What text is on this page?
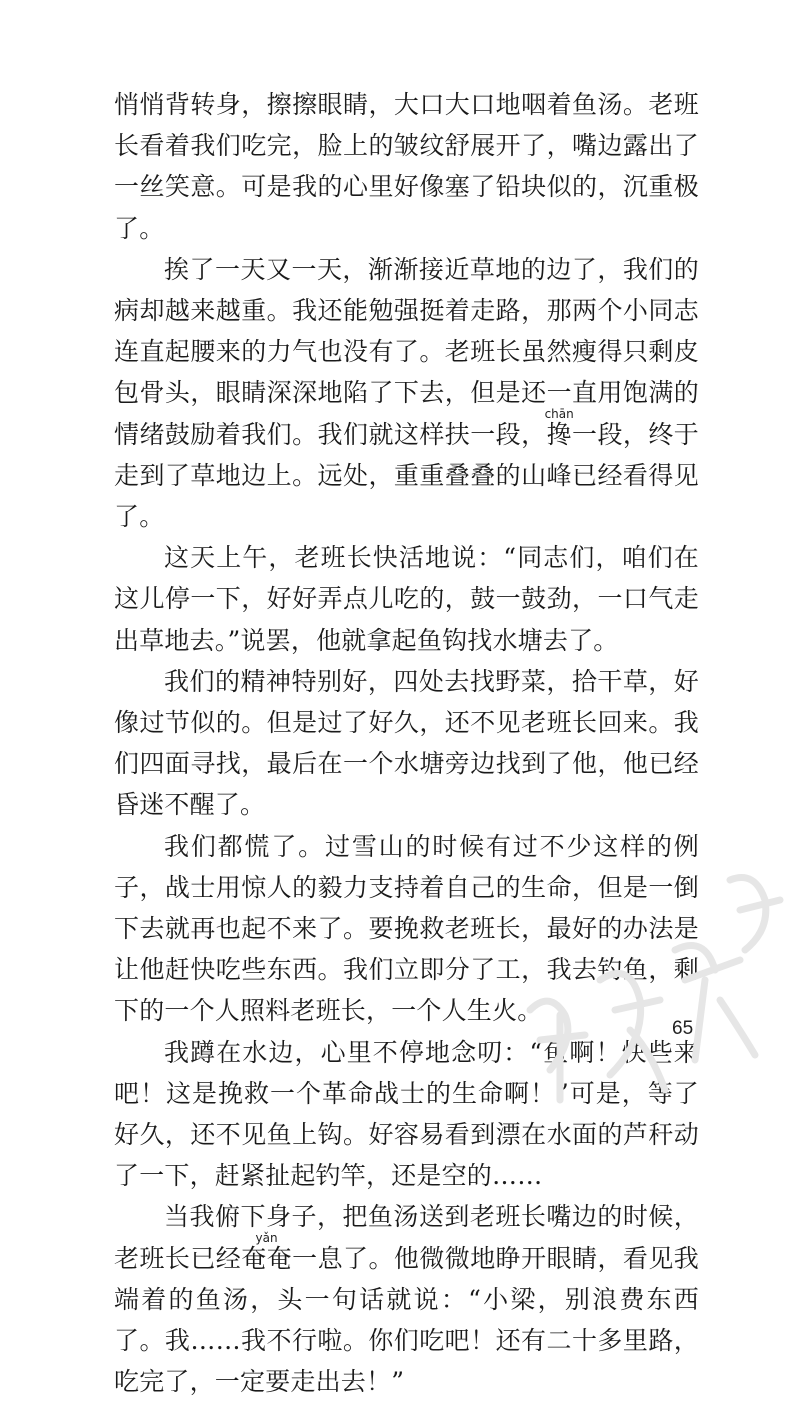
悄悄背转身，擦擦眼睛，大口大口地咽着鱼汤。老班长看着我们吃完，脸上的皱纹舒展开了，嘴边露出了一丝笑意。可是我的心里好像塞了铅块似的，沉重极了。

挨了一天又一天，渐渐接近草地的边了，我们的病却越来越重。我还能勉强挺着走路，那两个小同志连直起腰来的力气也没有了。老班长虽然瘦得只剩皮包骨头，眼睛深深地陷了下去，但是还一直用饱满的情绪鼓励着我们。我们就这样扶一段，搀chān一段，终于走到了草地边上。远处，重重叠叠的山峰已经看得见了。

这天上午，老班长快活地说：“同志们，咱们在这儿停一下，好好弄点儿吃的，鼓一鼓劲，一口气走出草地去。”说罢，他就拿起鱼钩找水塘去了。

我们的精神特别好，四处去找野菜，拾干草，好像过节似的。但是过了好久，还不见老班长回来。我们四面寻找，最后在一个水塘旁边找到了他，他已经昏迷不醒了。

我们都慌了。过雪山的时候有过不少这样的例子，战士用惊人的毅力支持着自己的生命，但是一倒下去就再也起不来了。要挽救老班长，最好的办法是让他赶快吃些东西。我们立即分了工，我去钓鱼，剩下的一个人照料老班长，一个人生火。

我蹲在水边，心里不停地念叨：“鱼啊！快些来吧！这是挽救一个革命战士的生命啊！”可是，等了好久，还不见鱼上钩。好容易看到漂在水面的芦秆动了一下，赶紧扯起钓竿，还是空的……

当我俯下身子，把鱼汤送到老班长嘴边的时候，老班长已经奄奄yǎn一息了。他微微地睁开眼睛，看见我端着的鱼汤，头一句话就说：“小梁，别浪费东西了。我……我不行啦。你们吃吧！还有二十多里路，吃完了，一定要走出去！”

65
